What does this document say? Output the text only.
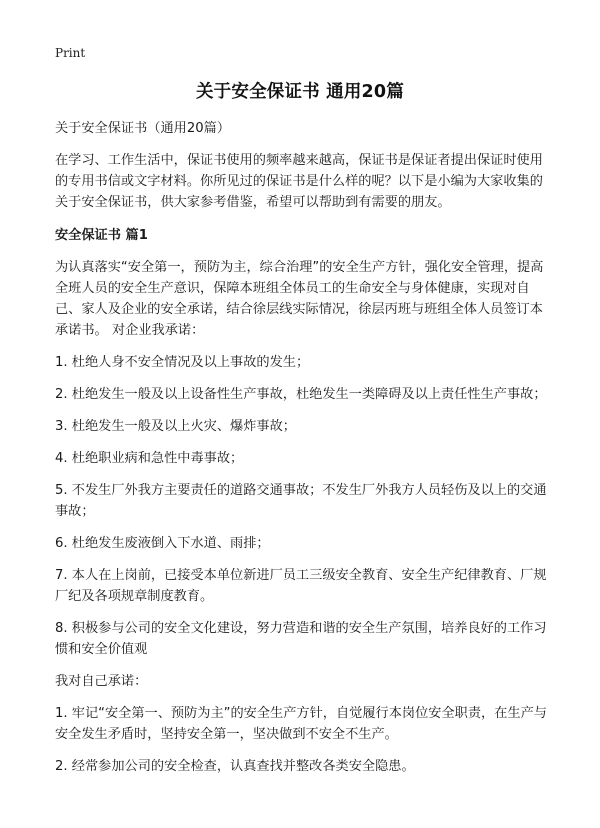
Print
关于安全保证书 通用20篇

关于安全保证书（通用20篇）

在学习、工作生活中，保证书使用的频率越来越高，保证书是保证者提出保证时使用的专用书信或文字材料。你所见过的保证书是什么样的呢？以下是小编为大家收集的关于安全保证书，供大家参考借鉴，希望可以帮助到有需要的朋友。

安全保证书 篇1

为认真落实“安全第一，预防为主，综合治理”的安全生产方针，强化安全管理，提高全班人员的安全生产意识，保障本班组全体员工的生命安全与身体健康，实现对自己、家人及企业的安全承诺，结合徐层线实际情况，徐层丙班与班组全体人员签订本承诺书。 对企业我承诺：

1. 杜绝人身不安全情况及以上事故的发生；

2. 杜绝发生一般及以上设备性生产事故，杜绝发生一类障碍及以上责任性生产事故；

3. 杜绝发生一般及以上火灾、爆炸事故；

4. 杜绝职业病和急性中毒事故；

5. 不发生厂外我方主要责任的道路交通事故；不发生厂外我方人员轻伤及以上的交通事故；

6. 杜绝发生废液倒入下水道、雨排；

7. 本人在上岗前，已接受本单位新进厂员工三级安全教育、安全生产纪律教育、厂规厂纪及各项规章制度教育。

8. 积极参与公司的安全文化建设，努力营造和谐的安全生产氛围，培养良好的工作习惯和安全价值观

我对自己承诺：

1. 牢记“安全第一、预防为主”的安全生产方针，自觉履行本岗位安全职责，在生产与安全发生矛盾时，坚持安全第一，坚决做到不安全不生产。

2. 经常参加公司的安全检查，认真查找并整改各类安全隐患。
